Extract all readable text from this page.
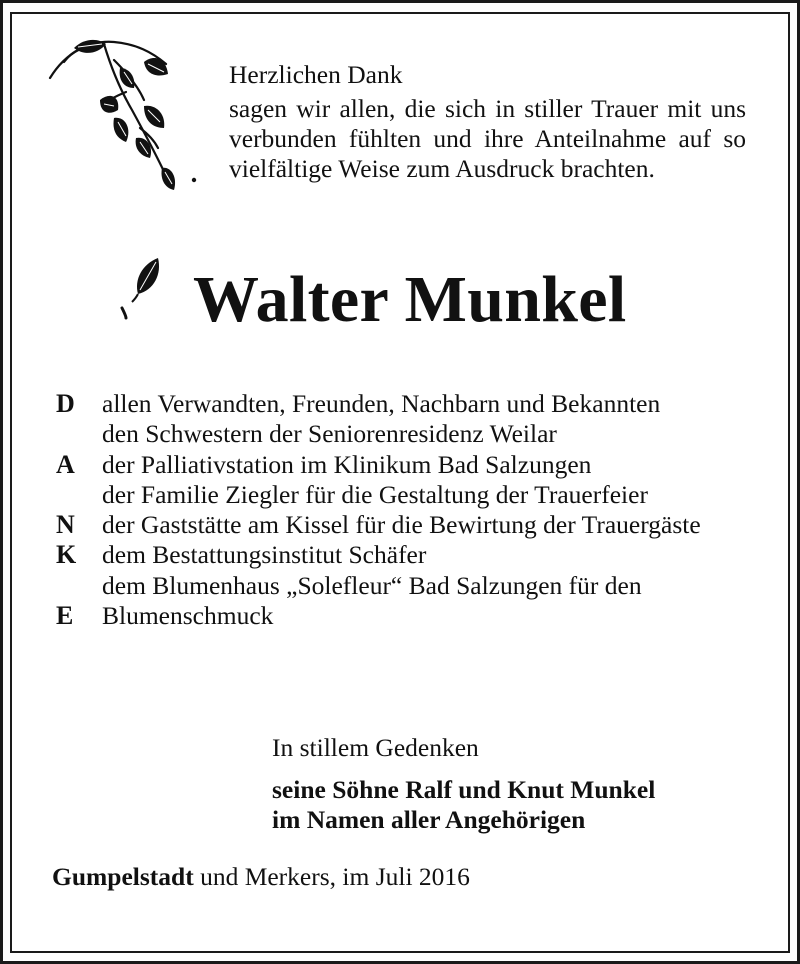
Herzlichen Dank
sagen wir allen, die sich in stiller Trauer mit uns verbunden fühlten und ihre Anteilnahme auf so vielfältige Weise zum Ausdruck brachten.
Walter Munkel
D	allen Verwandten, Freunden, Nachbarn und Bekannten
den Schwestern der Seniorenresidenz Weilar
A	der Palliativstation im Klinikum Bad Salzungen
der Familie Ziegler für die Gestaltung der Trauerfeier
N	der Gaststätte am Kissel für die Bewirtung der Trauergäste
K	dem Bestattungsinstitut Schäfer
dem Blumenhaus „Solefleur“ Bad Salzungen für den
E	Blumenschmuck
In stillem Gedenken
seine Söhne Ralf und Knut Munkel
im Namen aller Angehörigen
Gumpelstadt und Merkers, im Juli 2016
